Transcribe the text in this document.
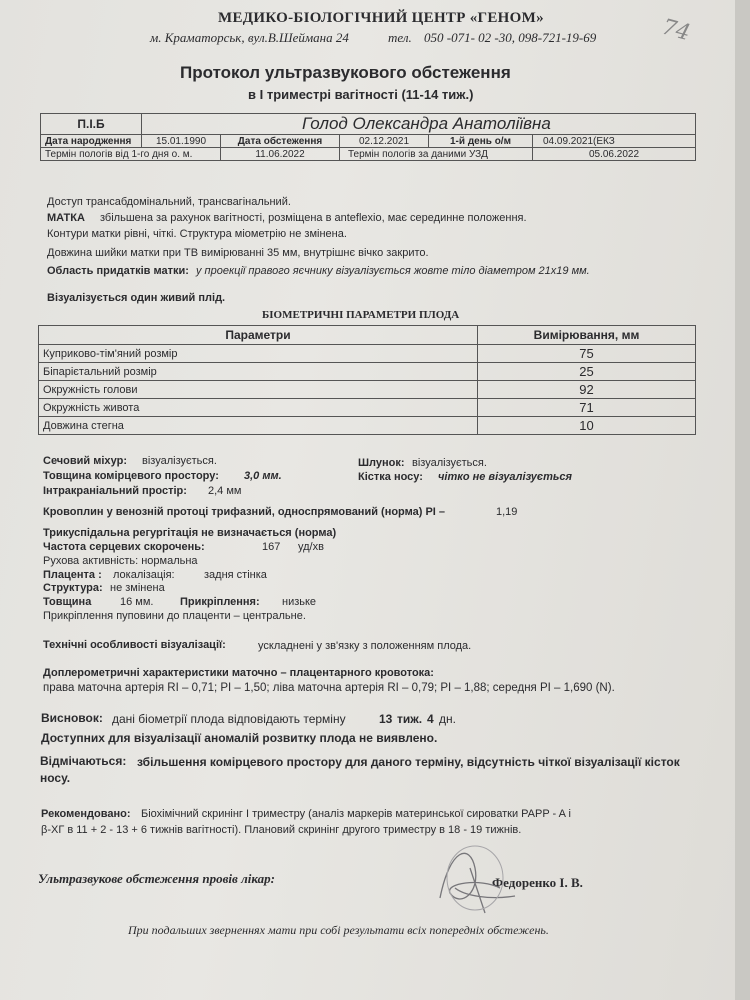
МЕДИКО-БІОЛОГІЧНИЙ ЦЕНТР «ГЕНОМ»
м. Краматорськ, вул.В.Шеймана 24	тел. 050 -071- 02 -30, 098-721-19-69	74
Протокол ультразвукового обстеження
в І триместрі вагітності (11-14 тиж.)
П.І.Б	Голод Олександра Анатоліївна				
Дата народження	15.01.1990	Дата обстеження	02.12.2021	1-й день о/м	04.09.2021(ЕКЗ
Термін пологів від 1-го дня о. м.		11.06.2022	Термін пологів за даними УЗД		05.06.2022
Доступ трансабдомінальний, трансвагінальний.
МАТКА збільшена за рахунок вагітності, розміщена в anteflexio, має серединне положення.
Контури матки рівні, чіткі. Структура міометрію не змінена.
Довжина шийки матки при ТВ вимірюванні 35 мм, внутрішнє вічко закрито.
Область придатків матки: у проекції правого яєчнику візуалізується жовте тіло діаметром 21х19 мм.
Візуалізується один живий плід.
БІОМЕТРИЧНІ ПАРАМЕТРИ ПЛОДА
Параметри	Вимірювання, мм
Куприково-тім'яний розмір	75
Біпарієтальний розмір	25
Окружність голови	92
Окружність живота	71
Довжина стегна	10
Сечовий міхур: візуалізується.	Шлунок: візуалізується.
Товщина комірцевого простору: 3,0 мм.	Кістка носу: чітко не візуалізується
Інтракраніальний простір: 2,4 мм
Кровоплин у венозній протоці трифазний, односпрямований (норма) PI –	1,19
Трикуспідальна регургітація не визначається (норма)
Частота серцевих скорочень:	167 уд/хв
Рухова активність: нормальна
Плацента : локалізація:	задня стінка
Структура: не змінена
Товщина	16 мм. Прикріплення: низьке
Прикріплення пуповини до плаценти – центральне.
Технічні особливості візуалізації:	ускладнені у зв'язку з положенням плода.
Доплерометричні характеристики маточно – плацентарного кровотока:
права маточна артерія RI – 0,71; PI – 1,50; ліва маточна артерія RI – 0,79; PI – 1,88; середня PI – 1,690 (N).
Висновок: дані біометрії плода відповідають терміну	13 тиж. 4 дн.
Доступних для візуалізації аномалій розвитку плода не виявлено.
Відмічаються: збільшення комірцевого простору для даного терміну, відсутність чіткої візуалізації кісток
носу.
Рекомендовано: Біохімічний скринінг І триместру (аналіз маркерів материнської сироватки PAPP - A і
β-ХГ в 11 + 2 - 13 + 6 тижнів вагітності). Плановий скринінг другого триместру в 18 - 19 тижнів.
Ультразвукове обстеження провів лікар:	Федоренко І. В.
При подальших зверненнях мати при собі результати всіх попередніх обстежень.
